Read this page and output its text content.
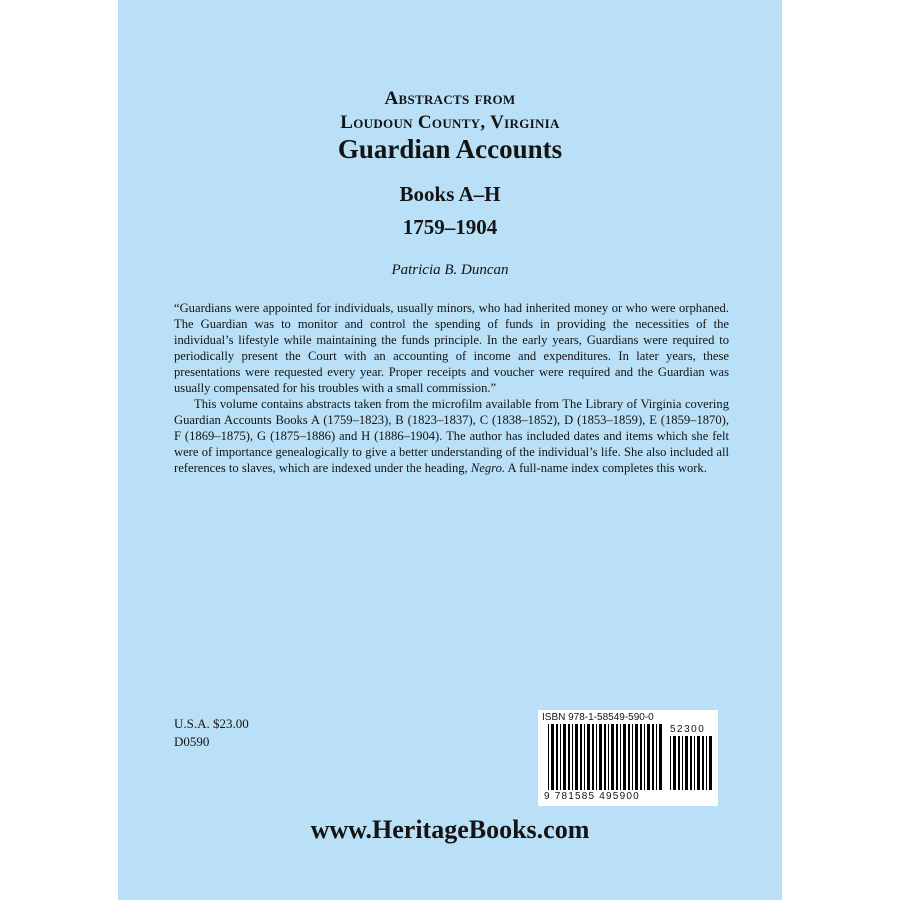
Abstracts from
Loudoun County, Virginia
Guardian Accounts
Books A–H
1759–1904
Patricia B. Duncan

“Guardians were appointed for individuals, usually minors, who had inherited money or who were orphaned. The Guardian was to monitor and control the spending of funds in providing the necessities of the individual’s lifestyle while maintaining the funds principle. In the early years, Guardians were required to periodically present the Court with an accounting of income and expenditures. In later years, these presentations were requested every year. Proper receipts and voucher were required and the Guardian was usually compensated for his troubles with a small commission.”

This volume contains abstracts taken from the microfilm available from The Library of Virginia covering Guardian Accounts Books A (1759–1823), B (1823–1837), C (1838–1852), D (1853–1859), E (1859–1870), F (1869–1875), G (1875–1886) and H (1886–1904). The author has included dates and items which she felt were of importance genealogically to give a better understanding of the individual’s life. She also included all references to slaves, which are indexed under the heading, Negro. A full-name index completes this work.

U.S.A. $23.00
D0590
ISBN 978-1-58549-590-0
52300
9 781585 495900
www.HeritageBooks.com
